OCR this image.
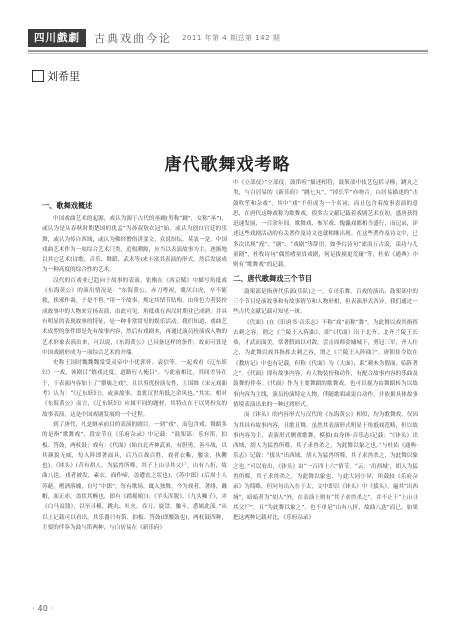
四川戲劇	古典戏曲今论 2011 年第 4 期总第 142 期
刘希里
唐代歌舞戏考略
一、歌舞戏概述
中国戏曲艺术的起源，戏认为源于古代的巫觋(男称“觋”，女称“巫”)，或认为是从春秋时期楚国的优孟“为孙叔敖衣冠”始，或认为创自宫廷的乐舞，或认为传自西域，或认为佛经僧俗讲变文，众说纷纭，莫衷一是。中国戏曲艺术作为一项综合艺术门类，追根溯源，应当以表演故事为主，逐渐地以其它艺术(诗歌、音乐、舞蹈、武术等)来丰富其表演的形式，然后发展成为一种高度的综合性的艺术。
汉代的百戏业已趋向于故事的表演，张衡在《西京赋》中描写角抵戏《东海黄公》的演出情况是：“东海黄公，赤刀粤祝，冀厌白虎，卒不能救，挟邪作蛊，于是不售。”用一个故事，规定其情节结构，由角色力者装扮成故事中的人物来宣扬表演，由此可见，角抵戏在西汉时期业已成熟，并具有明显的表现故事的特征，是一种非常常见的娱乐活动，我们知道，戏曲艺术成型的条件即是先有故事内容，然后有戏剧本，再通过演员扮演成人物的艺术形象表演出来，可以说，《东海黄公》已具备这样的条件，故而可算是中国戏剧形成为一项综合艺术的开端。
史称王国时魏魏魏常受灵帝中小优郭怀、袁信等，一起戏看《辽东妖妇》一戏，该剧目“嬉戏过度，道路行人掩目”。与此前相比，其间差异在于，于表演内容加上了“猥亵之戏”，且以男优扮演女性，王国维《宋元戏曲考》认为：“《辽东妖妇》，或演故事，盖犹汉世角抵之余风也。”其实，相对《东海黄公》而言，《辽东妖妇》应属不同的题材，其特点在于以男扮女的故事表演，这是中国戏剧发展的一个过程。
到了唐代，凡是继承前目的表演的剧目，一到“戏”，而包含戏、舞蹈多的是指“歌舞戏”，段安节在《乐府杂录》中记载：“鼓架部：乐有笛、拍板、答鼓，两杖鼓；戏有：《代面》(始自北齐神武弟，有胆勇，善斗战，以其颜貌无威，每入阵即著面具，后乃百战百胜，戏者衣紫，腰金，执鞭也)、《钵头》(昔有胡人，为猛兽所噬，其子上山寻其父尸，山有八折，故曲八迭，戏者被发，素衣，面作啼，盖遭丧之状也)、《苏中郎》(后周士人苏葩，嗜酒落魄，自号“中郎”，每有歌场，辄入独舞，今为戏者，著绯，戴帽，面正赤，盖状其醉也，即有《踏摇娘》)、《羊头浑脱》、《九头狮子》，弄《白马益钱》，以至寻橦、跳丸、吐火、吞刀、旋盘、触斗，悉属此部。”从以上记载可以看出，其乐器只有笛、拍板、答鼓(即腰鼓也)，两杖鼓四种，主要的伴奏为鼓与笛两种，与白居易在《新乐府》
中《立部伎》”立部伎，鼓笛喧”描述相符，鼓架部中伎艺包括寻橦，跳丸之类，与白居易的《新乐府》“跳七丸”、“掉长竿”亦吻合。白居易描述的“击鼓吹笙和杂戏”，其中“戏”不但成为一个名词，而且包含着故事表演的意思，在唐代这种戏称为歌舞戏，很多古文献记载着戏剧艺术在初，盛唐获得迅速发展，一百余年间，歌舞戏、参军戏、傀儡戏都相当盛行，而记录，评述这些戏剧活动的有关著作及诗文也就相继出现。在这些著作及诗文中，已多次出现“戏”、“剧”、“戏剧”等辞语，如李白诗句“谑浪万古羡，羡功与儿童剧”，杜牧诗句“偶然嗜童真戏剧，何足拔撞更荒庸”等，杜佑《通典》中则有“歌舞戏”的记载。
二、唐代歌舞戏三个节目
鼓架部是指唐代乐部(乐队)之一，专司乐舞，百戏的演出，鼓架部中的三个节目是演故事和有故事情节和人物形相，但表演形式各异，我们通过一些古代文献记载可知见一斑。
《代面》(在《旧唐书·音乐志》不称“戏”而称“舞”，为此舞以戏其指挥去刺之容，谓之《兰陵王入阵曲》，即“《代面》出于北齐，北齐兰陵王长恭，才武而面美，常著假面以对敌，尝击周师金墉城下，勇冠三军，齐人壮之，为此舞以戏其指挥去刺之容，谓之《兰陵王入阵曲》”。唐朝崔令钦在《教坊记》中也有记载，但称《代面》为《大面》，系“刺木为假面，临阵著之”。《代面》即有故事内容，有人物装扮和动作，有配合故事内容的乐曲及鼓舞的伴奏。《代面》作为主要舞蹈的歌舞戏，也可以视为由舞蹈转为以故事内容为主线，演员扮演特定人物，伴随歌唱或说白动作，并依据具体故事情境表演出来的一种过渡形式。
而《钵头》的内容形式与汉代的《东海黄公》相似，均为歌舞戏，仅因为其具有故事内容，且歌且舞，虽然其表演形式明显于角抵戏范畴，但以故事内容为主，表演形式侧重歌舞，模拟(由身体·音乐志)记载：“《钵头》出西域，胡人为猛兽所噬，其子求兽杀之，为此舞以象之也。”与杜佑《通典·乐志》记载：“拔头”出西域，胡人为猛兽所噬，其子求兽杀之，为此舞以象之也。”可以看出，《钵头》由“一百四十六”情节，“云：‘出西域’，胡人为猛兽所噬，其子求兽杀之，为此舞以象也，与此大同小异，所载较《乐府杂录》为简略，但问句出入在于太，文中即以《钵头》中《拔头》，遍其“出西域”，暗暗者为“胡人”外，在表演上则有“其子求兽杀之”，并不止于“上山寻其父尸”，且“为此舞以象之”，也不单是“山有八折，故曲八迭”而已，如果把这两种记载对比，《乐府杂录》
· 40 ·
